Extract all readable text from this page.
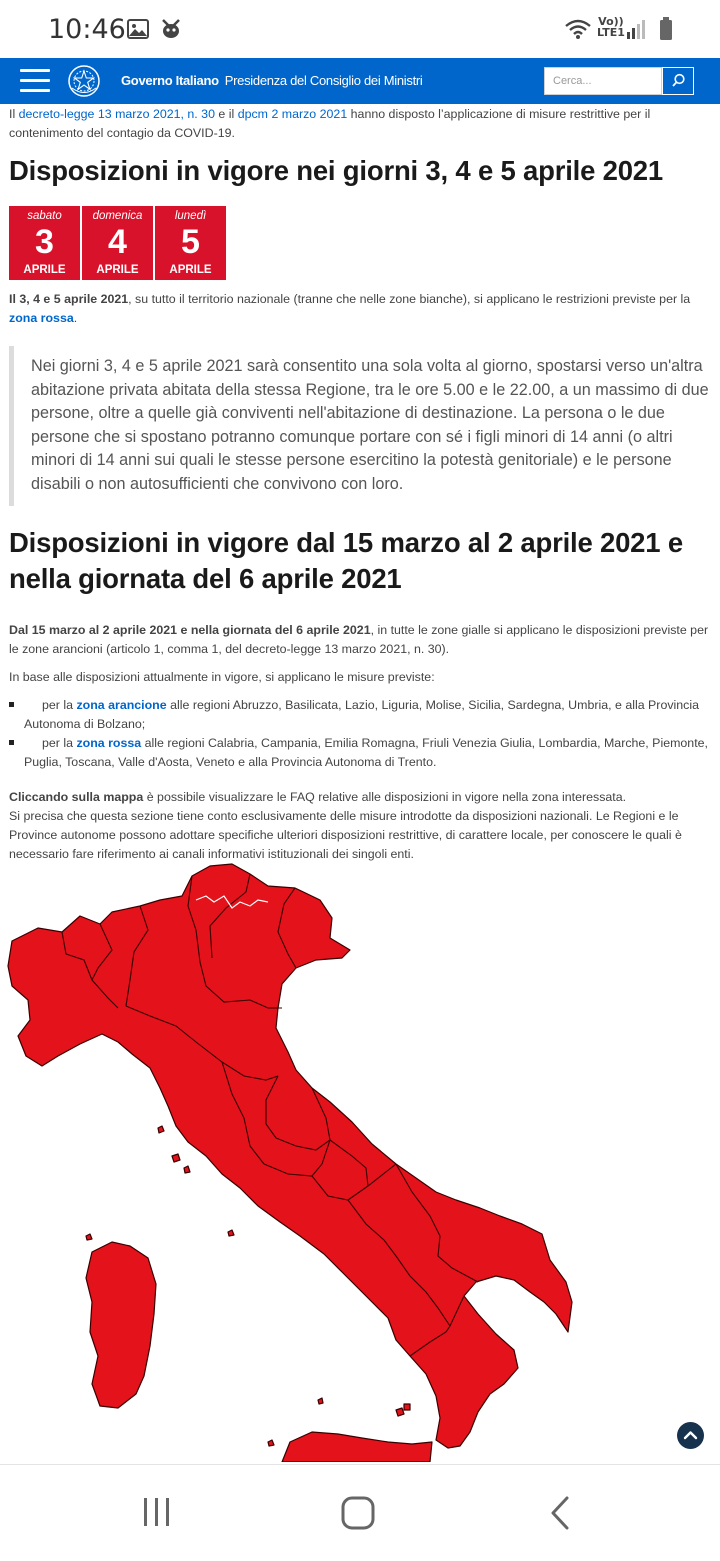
10:46	Vo))
LTE1
Governo Italiano Presidenza del Consiglio dei Ministri
Cerca...

Il decreto-legge 13 marzo 2021, n. 30 e il dpcm 2 marzo 2021 hanno disposto l’applicazione di misure restrittive per il contenimento del contagio da COVID-19.

Disposizioni in vigore nei giorni 3, 4 e 5 aprile 2021
sabato
3
APRILE
domenica
4
APRILE
lunedì
5
APRILE

Il 3, 4 e 5 aprile 2021, su tutto il territorio nazionale (tranne che nelle zone bianche), si applicano le restrizioni previste per la zona rossa.

Nei giorni 3, 4 e 5 aprile 2021 sarà consentito una sola volta al giorno, spostarsi verso un'altra abitazione privata abitata della stessa Regione, tra le ore 5.00 e le 22.00, a un massimo di due persone, oltre a quelle già conviventi nell'abitazione di destinazione. La persona o le due persone che si spostano potranno comunque portare con sé i figli minori di 14 anni (o altri minori di 14 anni sui quali le stesse persone esercitino la potestà genitoriale) e le persone disabili o non autosufficienti che convivono con loro.
Disposizioni in vigore dal 15 marzo al 2 aprile 2021 e nella giornata del 6 aprile 2021

Dal 15 marzo al 2 aprile 2021 e nella giornata del 6 aprile 2021, in tutte le zone gialle si applicano le disposizioni previste per le zone arancioni (articolo 1, comma 1, del decreto-legge 13 marzo 2021, n. 30).

In base alle disposizioni attualmente in vigore, si applicano le misure previste:

per la zona arancione alle regioni Abruzzo, Basilicata, Lazio, Liguria, Molise, Sicilia, Sardegna, Umbria, e alla Provincia Autonoma di Bolzano;
per la zona rossa alle regioni Calabria, Campania, Emilia Romagna, Friuli Venezia Giulia, Lombardia, Marche, Piemonte, Puglia, Toscana, Valle d'Aosta, Veneto e alla Provincia Autonoma di Trento.

Cliccando sulla mappa è possibile visualizzare le FAQ relative alle disposizioni in vigore nella zona interessata.

Si precisa che questa sezione tiene conto esclusivamente delle misure introdotte da disposizioni nazionali. Le Regioni e le Province autonome possono adottare specifiche ulteriori disposizioni restrittive, di carattere locale, per conoscere le quali è necessario fare riferimento ai canali informativi istituzionali dei singoli enti.
